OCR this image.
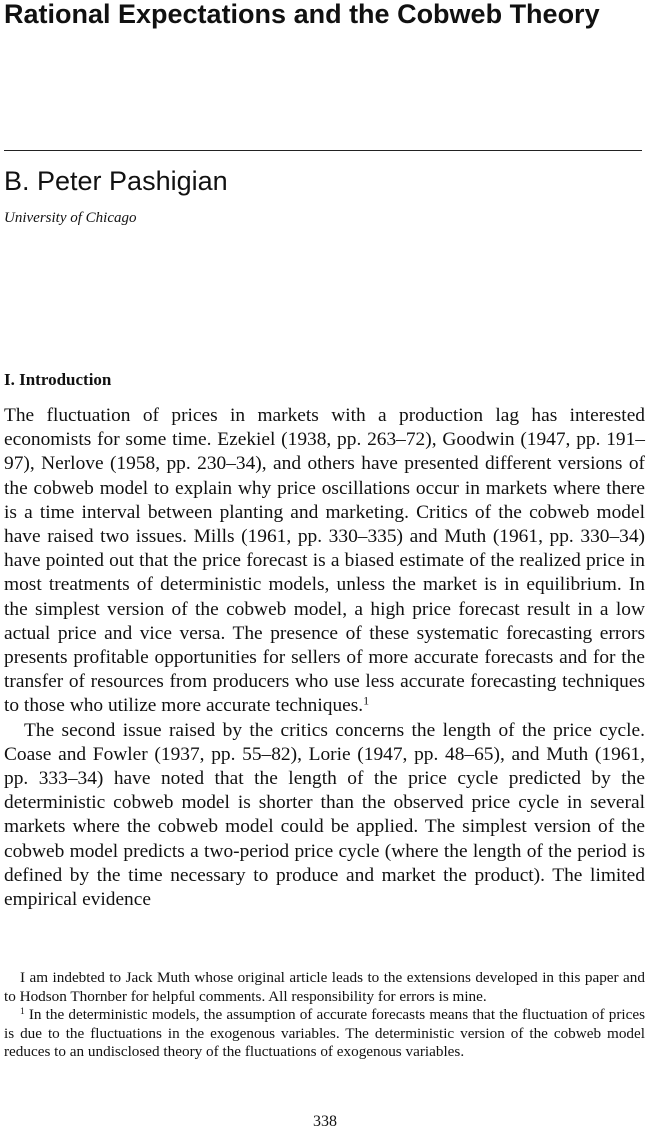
Rational Expectations and the Cobweb Theory
B. Peter Pashigian
University of Chicago
I. Introduction

The fluctuation of prices in markets with a production lag has interested economists for some time. Ezekiel (1938, pp. 263–72), Goodwin (1947, pp. 191–97), Nerlove (1958, pp. 230–34), and others have presented different versions of the cobweb model to explain why price oscillations occur in markets where there is a time interval between planting and marketing. Critics of the cobweb model have raised two issues. Mills (1961, pp. 330–335) and Muth (1961, pp. 330–34) have pointed out that the price forecast is a biased estimate of the realized price in most treatments of deterministic models, unless the market is in equilibrium. In the simplest version of the cobweb model, a high price forecast result in a low actual price and vice versa. The presence of these systematic forecasting errors presents profitable opportunities for sellers of more accurate forecasts and for the transfer of resources from producers who use less accurate forecasting techniques to those who utilize more accurate techniques.$^1$

The second issue raised by the critics concerns the length of the price cycle. Coase and Fowler (1937, pp. 55–82), Lorie (1947, pp. 48–65), and Muth (1961, pp. 333–34) have noted that the length of the price cycle predicted by the deterministic cobweb model is shorter than the observed price cycle in several markets where the cobweb model could be applied. The simplest version of the cobweb model predicts a two-period price cycle (where the length of the period is defined by the time necessary to produce and market the product). The limited empirical evidence

I am indebted to Jack Muth whose original article leads to the extensions developed in this paper and to Hodson Thornber for helpful comments. All responsibility for errors is mine.

$^1$ In the deterministic models, the assumption of accurate forecasts means that the fluctuation of prices is due to the fluctuations in the exogenous variables. The deterministic version of the cobweb model reduces to an undisclosed theory of the fluctuations of exogenous variables.

338
